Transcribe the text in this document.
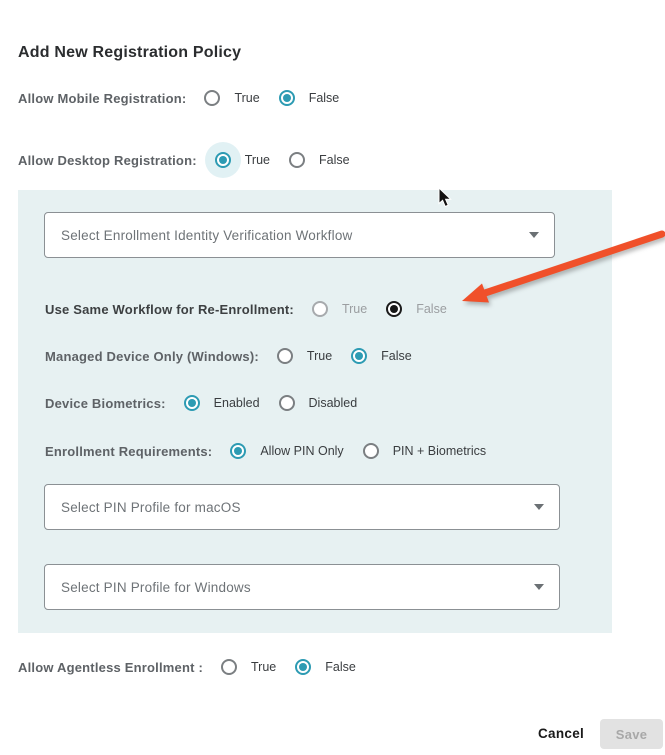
Add New Registration Policy
Allow Mobile Registration:	True	False
Allow Desktop Registration:	True	False
Select Enrollment Identity Verification Workflow
Use Same Workflow for Re-Enrollment:	True	False
Managed Device Only (Windows):	True	False
Device Biometrics:	Enabled	Disabled
Enrollment Requirements:	Allow PIN Only	PIN + Biometrics
Select PIN Profile for macOS
Select PIN Profile for Windows
Allow Agentless Enrollment :	True	False
Cancel	Save
